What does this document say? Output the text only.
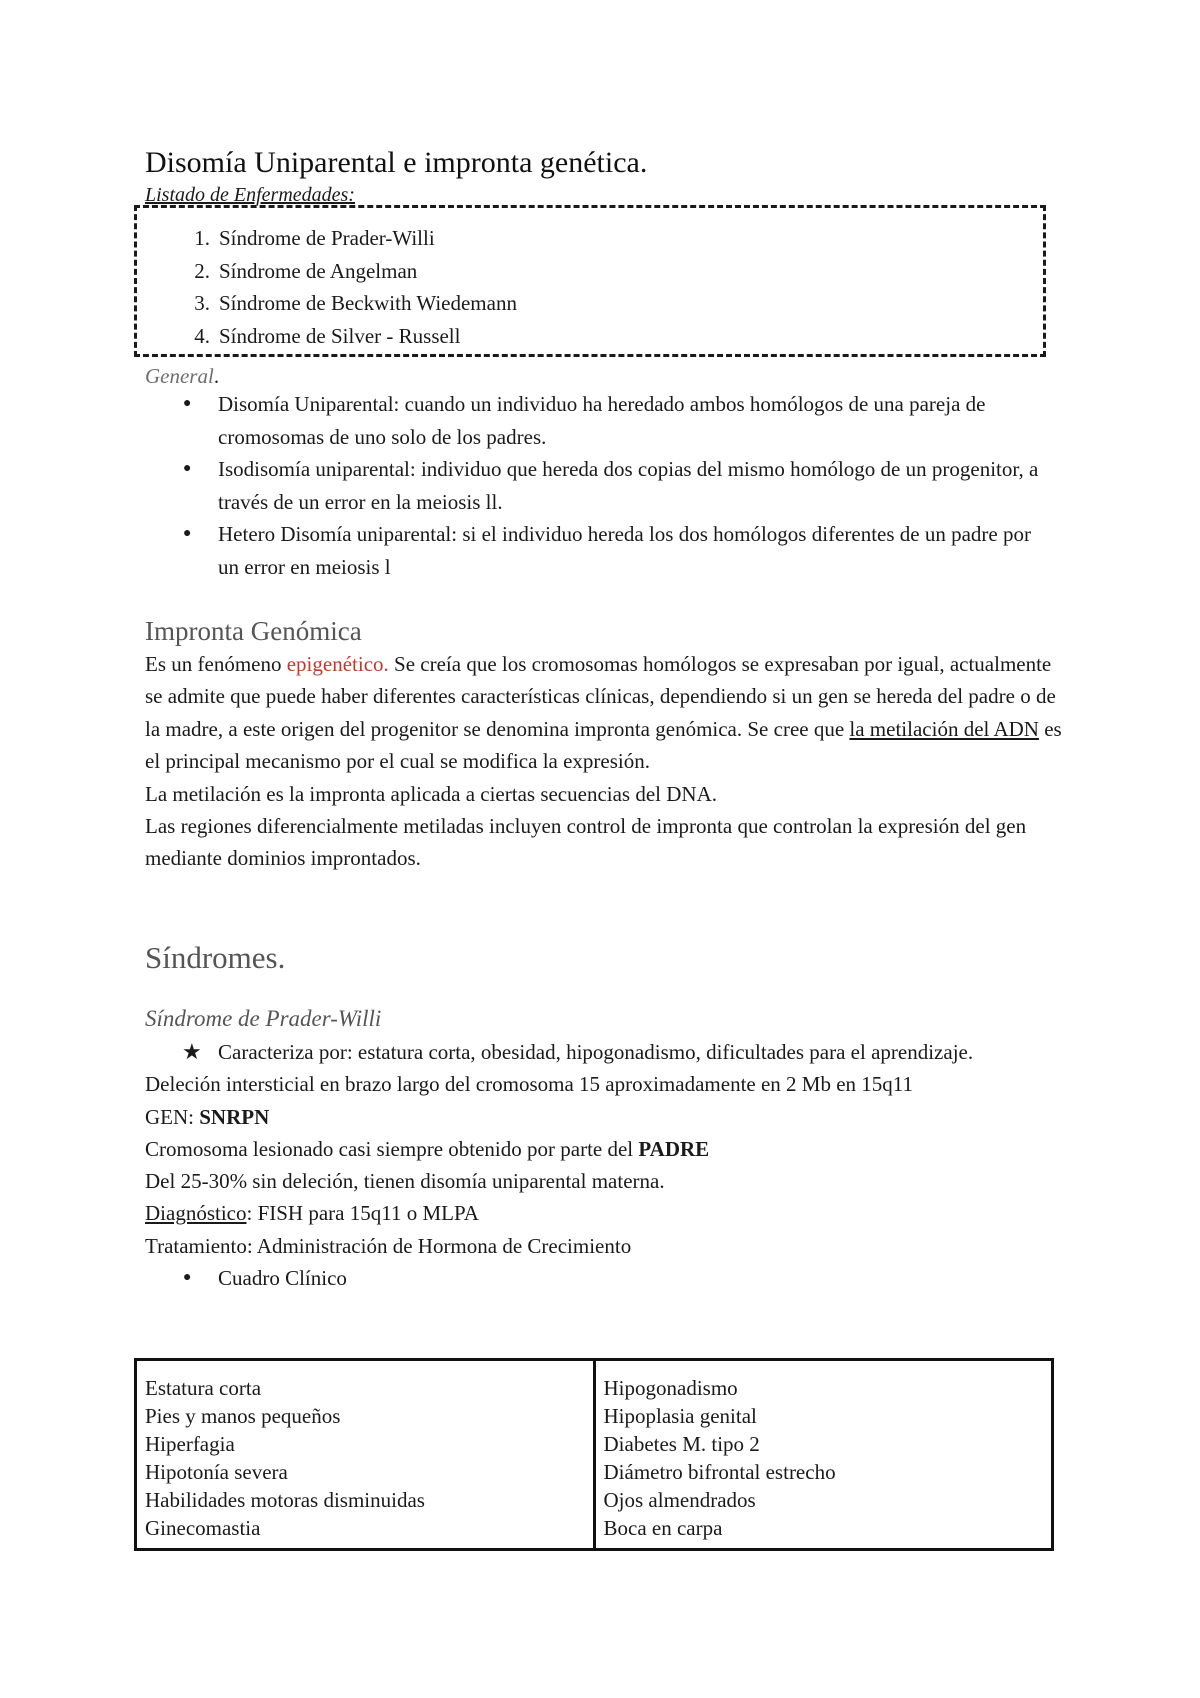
Disomía Uniparental e impronta genética.
Listado de Enfermedades:
1. Síndrome de Prader-Willi
2. Síndrome de Angelman
3. Síndrome de Beckwith Wiedemann
4. Síndrome de Silver - Russell
General.
● Disomía Uniparental: cuando un individuo ha heredado ambos homólogos de una pareja de cromosomas de uno solo de los padres.
● Isodisomía uniparental: individuo que hereda dos copias del mismo homólogo de un progenitor, a través de un error en la meiosis ll.
● Hetero Disomía uniparental: si el individuo hereda los dos homólogos diferentes de un padre por un error en meiosis l
Impronta Genómica
Es un fenómeno epigenético. Se creía que los cromosomas homólogos se expresaban por igual, actualmente se admite que puede haber diferentes características clínicas, dependiendo si un gen se hereda del padre o de la madre, a este origen del progenitor se denomina impronta genómica. Se cree que la metilación del ADN es el principal mecanismo por el cual se modifica la expresión.
La metilación es la impronta aplicada a ciertas secuencias del DNA.
Las regiones diferencialmente metiladas incluyen control de impronta que controlan la expresión del gen mediante dominios improntados.
Síndromes.
Síndrome de Prader-Willi
★ Caracteriza por: estatura corta, obesidad, hipogonadismo, dificultades para el aprendizaje.
Deleción intersticial en brazo largo del cromosoma 15 aproximadamente en 2 Mb en 15q11
GEN: SNRPN
Cromosoma lesionado casi siempre obtenido por parte del PADRE
Del 25-30% sin deleción, tienen disomía uniparental materna.
Diagnóstico: FISH para 15q11 o MLPA
Tratamiento: Administración de Hormona de Crecimiento
● Cuadro Clínico
Estatura corta
Pies y manos pequeños
Hiperfagia
Hipotonía severa
Habilidades motoras disminuidas
Ginecomastia
Hipogonadismo
Hipoplasia genital
Diabetes M. tipo 2
Diámetro bifrontal estrecho
Ojos almendrados
Boca en carpa
